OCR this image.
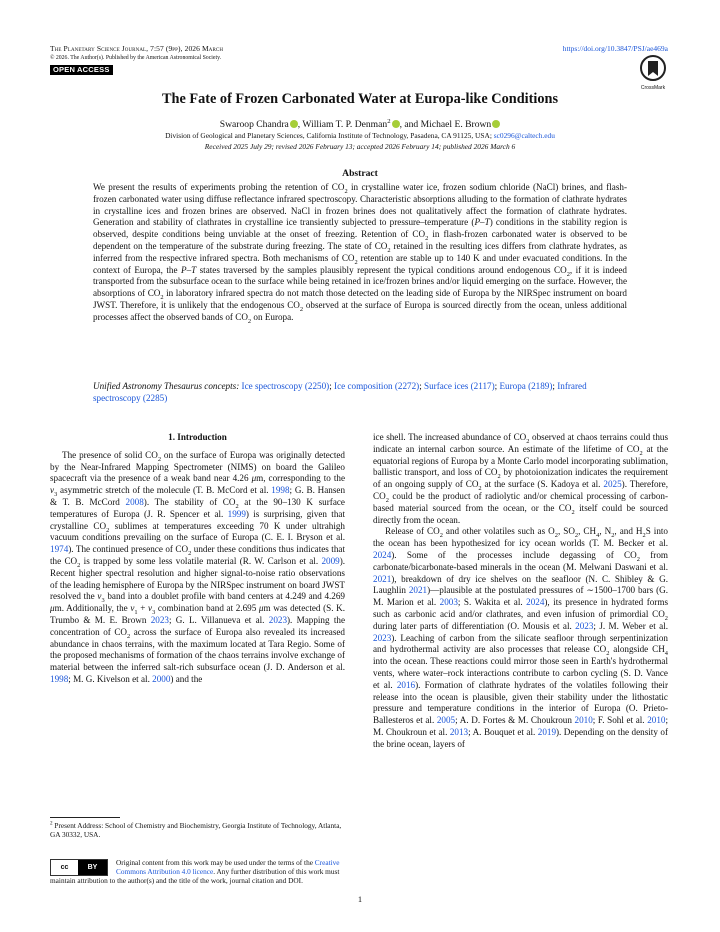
The Planetary Science Journal, 7:57 (9pp), 2026 March
© 2026. The Author(s). Published by the American Astronomical Society.
OPEN ACCESS
https://doi.org/10.3847/PSJ/ae469a
CrossMark
The Fate of Frozen Carbonated Water at Europa-like Conditions
Swaroop Chandra , William T. P. Denman$^2$ , and Michael E. Brown
Division of Geological and Planetary Sciences, California Institute of Technology, Pasadena, CA 91125, USA; sc0296@caltech.edu
Received 2025 July 29; revised 2026 February 13; accepted 2026 February 14; published 2026 March 6
Abstract
We present the results of experiments probing the retention of $CO_2$ in crystalline water ice, frozen sodium chloride (NaCl) brines, and flash-frozen carbonated water using diffuse reflectance infrared spectroscopy. Characteristic absorptions alluding to the formation of clathrate hydrates in crystalline ices and frozen brines are observed. NaCl in frozen brines does not qualitatively affect the formation of clathrate hydrates. Generation and stability of clathrates in crystalline ice transiently subjected to pressure–temperature (P–T) conditions in the stability region is observed, despite conditions being unviable at the onset of freezing. Retention of $CO_2$ in flash-frozen carbonated water is observed to be dependent on the temperature of the substrate during freezing. The state of $CO_2$ retained in the resulting ices differs from clathrate hydrates, as inferred from the respective infrared spectra. Both mechanisms of $CO_2$ retention are stable up to 140 K and under evacuated conditions. In the context of Europa, the P–T states traversed by the samples plausibly represent the typical conditions around endogenous $CO_2$, if it is indeed transported from the subsurface ocean to the surface while being retained in ice/frozen brines and/or liquid emerging on the surface. However, the absorptions of $CO_2$ in laboratory infrared spectra do not match those detected on the leading side of Europa by the NIRSpec instrument on board JWST. Therefore, it is unlikely that the endogenous $CO_2$ observed at the surface of Europa is sourced directly from the ocean, unless additional processes affect the observed bands of $CO_2$ on Europa.
Unified Astronomy Thesaurus concepts: Ice spectroscopy (2250); Ice composition (2272); Surface ices (2117); Europa (2189); Infrared spectroscopy (2285)

1. Introduction

The presence of solid $CO_2$ on the surface of Europa was originally detected by the Near-Infrared Mapping Spectrometer (NIMS) on board the Galileo spacecraft via the presence of a weak band near 4.26 μm, corresponding to the $\nu_3$ asymmetric stretch of the molecule (T. B. McCord et al. 1998; G. B. Hansen & T. B. McCord 2008). The stability of $CO_2$ at the 90–130 K surface temperatures of Europa (J. R. Spencer et al. 1999) is surprising, given that crystalline $CO_2$ sublimes at temperatures exceeding 70 K under ultrahigh vacuum conditions prevailing on the surface of Europa (C. E. I. Bryson et al. 1974). The continued presence of $CO_2$ under these conditions thus indicates that the $CO_2$ is trapped by some less volatile material (R. W. Carlson et al. 2009). Recent higher spectral resolution and higher signal-to-noise ratio observations of the leading hemisphere of Europa by the NIRSpec instrument on board JWST resolved the $\nu_3$ band into a doublet profile with band centers at 4.249 and 4.269 μm. Additionally, the $\nu_1 + \nu_3$ combination band at 2.695 μm was detected (S. K. Trumbo & M. E. Brown 2023; G. L. Villanueva et al. 2023). Mapping the concentration of $CO_2$ across the surface of Europa also revealed its increased abundance in chaos terrains, with the maximum located at Tara Regio. Some of the proposed mechanisms of formation of the chaos terrains involve exchange of material between the inferred salt-rich subsurface ocean (J. D. Anderson et al. 1998; M. G. Kivelson et al. 2000) and the

ice shell. The increased abundance of $CO_2$ observed at chaos terrains could thus indicate an internal carbon source. An estimate of the lifetime of $CO_2$ at the equatorial regions of Europa by a Monte Carlo model incorporating sublimation, ballistic transport, and loss of $CO_2$ by photoionization indicates the requirement of an ongoing supply of $CO_2$ at the surface (S. Kadoya et al. 2025). Therefore, $CO_2$ could be the product of radiolytic and/or chemical processing of carbon-based material sourced from the ocean, or the $CO_2$ itself could be sourced directly from the ocean.

Release of $CO_2$ and other volatiles such as $O_2$, $SO_2$, $CH_4$, $N_2$, and $H_2S$ into the ocean has been hypothesized for icy ocean worlds (T. M. Becker et al. 2024). Some of the processes include degassing of $CO_2$ from carbonate/bicarbonate-based minerals in the ocean (M. Melwani Daswani et al. 2021), breakdown of dry ice shelves on the seafloor (N. C. Shibley & G. Laughlin 2021)—plausible at the postulated pressures of ∼1500–1700 bars (G. M. Marion et al. 2003; S. Wakita et al. 2024), its presence in hydrated forms such as carbonic acid and/or clathrates, and even infusion of primordial $CO_2$ during later parts of differentiation (O. Mousis et al. 2023; J. M. Weber et al. 2023). Leaching of carbon from the silicate seafloor through serpentinization and hydrothermal activity are also processes that release $CO_2$ alongside $CH_4$ into the ocean. These reactions could mirror those seen in Earth's hydrothermal vents, where water–rock interactions contribute to carbon cycling (S. D. Vance et al. 2016). Formation of clathrate hydrates of the volatiles following their release into the ocean is plausible, given their stability under the lithostatic pressure and temperature conditions in the interior of Europa (O. Prieto-Ballesteros et al. 2005; A. D. Fortes & M. Choukroun 2010; F. Sohl et al. 2010; M. Choukroun et al. 2013; A. Bouquet et al. 2019). Depending on the density of the brine ocean, layers of

$^2$ Present Address: School of Chemistry and Biochemistry, Georgia Institute of Technology, Atlanta, GA 30332, USA.
cc	BY
Original content from this work may be used under the terms of the Creative Commons Attribution 4.0 licence. Any further distribution of this work must maintain attribution to the author(s) and the title of the work, journal citation and DOI.
1
